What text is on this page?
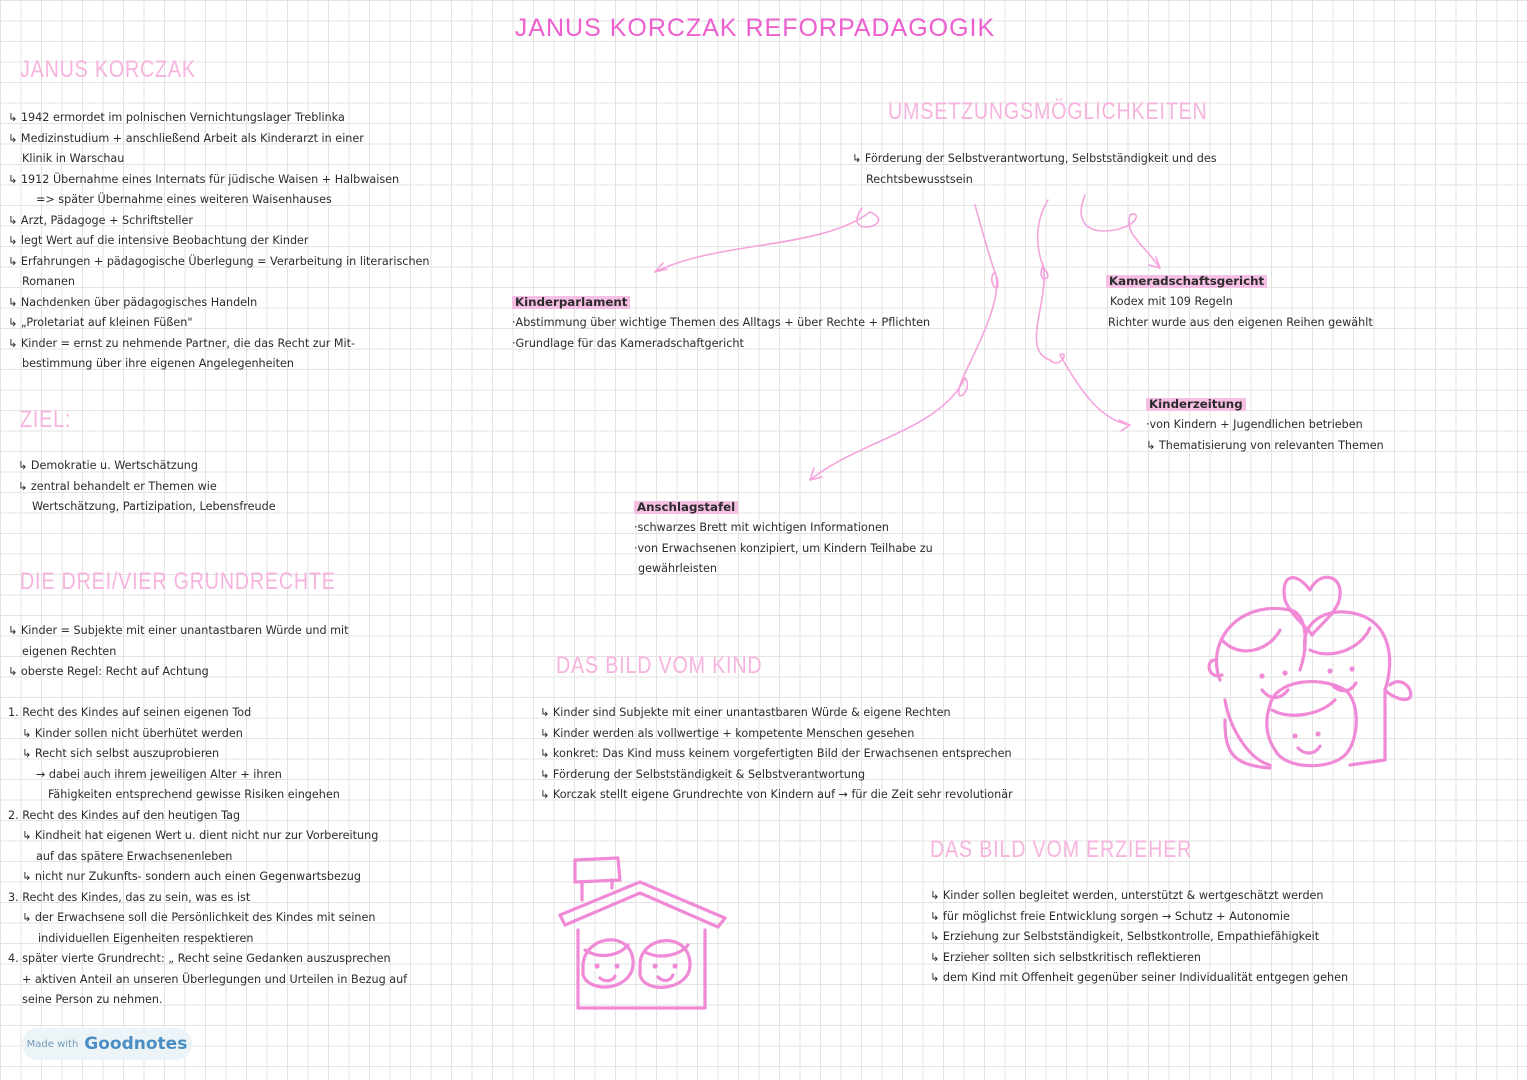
JANUS KORCZAK REFORPADAGOGIK
JANUS KORCZAK
↳ 1942 ermordet im polnischen Vernichtungslager Treblinka
↳ Medizinstudium + anschließend Arbeit als Kinderarzt in einer
Klinik in Warschau
↳ 1912 Übernahme eines Internats für jüdische Waisen + Halbwaisen
=> später Übernahme eines weiteren Waisenhauses
↳ Arzt, Pädagoge + Schriftsteller
↳ legt Wert auf die intensive Beobachtung der Kinder
↳ Erfahrungen + pädagogische Überlegung = Verarbeitung in literarischen
Romanen
↳ Nachdenken über pädagogisches Handeln
↳ „Proletariat auf kleinen Füßen"
↳ Kinder = ernst zu nehmende Partner, die das Recht zur Mit-
bestimmung über ihre eigenen Angelegenheiten
ZIEL:
↳ Demokratie u. Wertschätzung
↳ zentral behandelt er Themen wie
Wertschätzung, Partizipation, Lebensfreude
DIE DREI/VIER GRUNDRECHTE
↳ Kinder = Subjekte mit einer unantastbaren Würde und mit
eigenen Rechten
↳ oberste Regel: Recht auf Achtung

1. Recht des Kindes auf seinen eigenen Tod
↳ Kinder sollen nicht überhütet werden
↳ Recht sich selbst auszuprobieren
→ dabei auch ihrem jeweiligen Alter + ihren
Fähigkeiten entsprechend gewisse Risiken eingehen
2. Recht des Kindes auf den heutigen Tag
↳ Kindheit hat eigenen Wert u. dient nicht nur zur Vorbereitung
auf das spätere Erwachsenenleben
↳ nicht nur Zukunfts- sondern auch einen Gegenwartsbezug
3. Recht des Kindes, das zu sein, was es ist
↳ der Erwachsene soll die Persönlichkeit des Kindes mit seinen
individuellen Eigenheiten respektieren
4. später vierte Grundrecht: „ Recht seine Gedanken auszusprechen
+ aktiven Anteil an unseren Überlegungen und Urteilen in Bezug auf
seine Person zu nehmen.
UMSETZUNGSMÖGLICHKEITEN
↳ Förderung der Selbstverantwortung, Selbstständigkeit und des
Rechtsbewusstsein
Kinderparlament
·Abstimmung über wichtige Themen des Alltags + über Rechte + Pflichten
·Grundlage für das Kameradschaftgericht
Kameradschaftsgericht
Kodex mit 109 Regeln
Richter wurde aus den eigenen Reihen gewählt
Kinderzeitung
·von Kindern + Jugendlichen betrieben
↳ Thematisierung von relevanten Themen
Anschlagstafel
·schwarzes Brett mit wichtigen Informationen
·von Erwachsenen konzipiert, um Kindern Teilhabe zu
gewährleisten
DAS BILD VOM KIND
↳ Kinder sind Subjekte mit einer unantastbaren Würde & eigene Rechten
↳ Kinder werden als vollwertige + kompetente Menschen gesehen
↳ konkret: Das Kind muss keinem vorgefertigten Bild der Erwachsenen entsprechen
↳ Förderung der Selbstständigkeit & Selbstverantwortung
↳ Korczak stellt eigene Grundrechte von Kindern auf → für die Zeit sehr revolutionär
DAS BILD VOM ERZIEHER
↳ Kinder sollen begleitet werden, unterstützt & wertgeschätzt werden
↳ für möglichst freie Entwicklung sorgen → Schutz + Autonomie
↳ Erziehung zur Selbstständigkeit, Selbstkontrolle, Empathiefähigkeit
↳ Erzieher sollten sich selbstkritisch reflektieren
↳ dem Kind mit Offenheit gegenüber seiner Individualität entgegen gehen
Made with Goodnotes
